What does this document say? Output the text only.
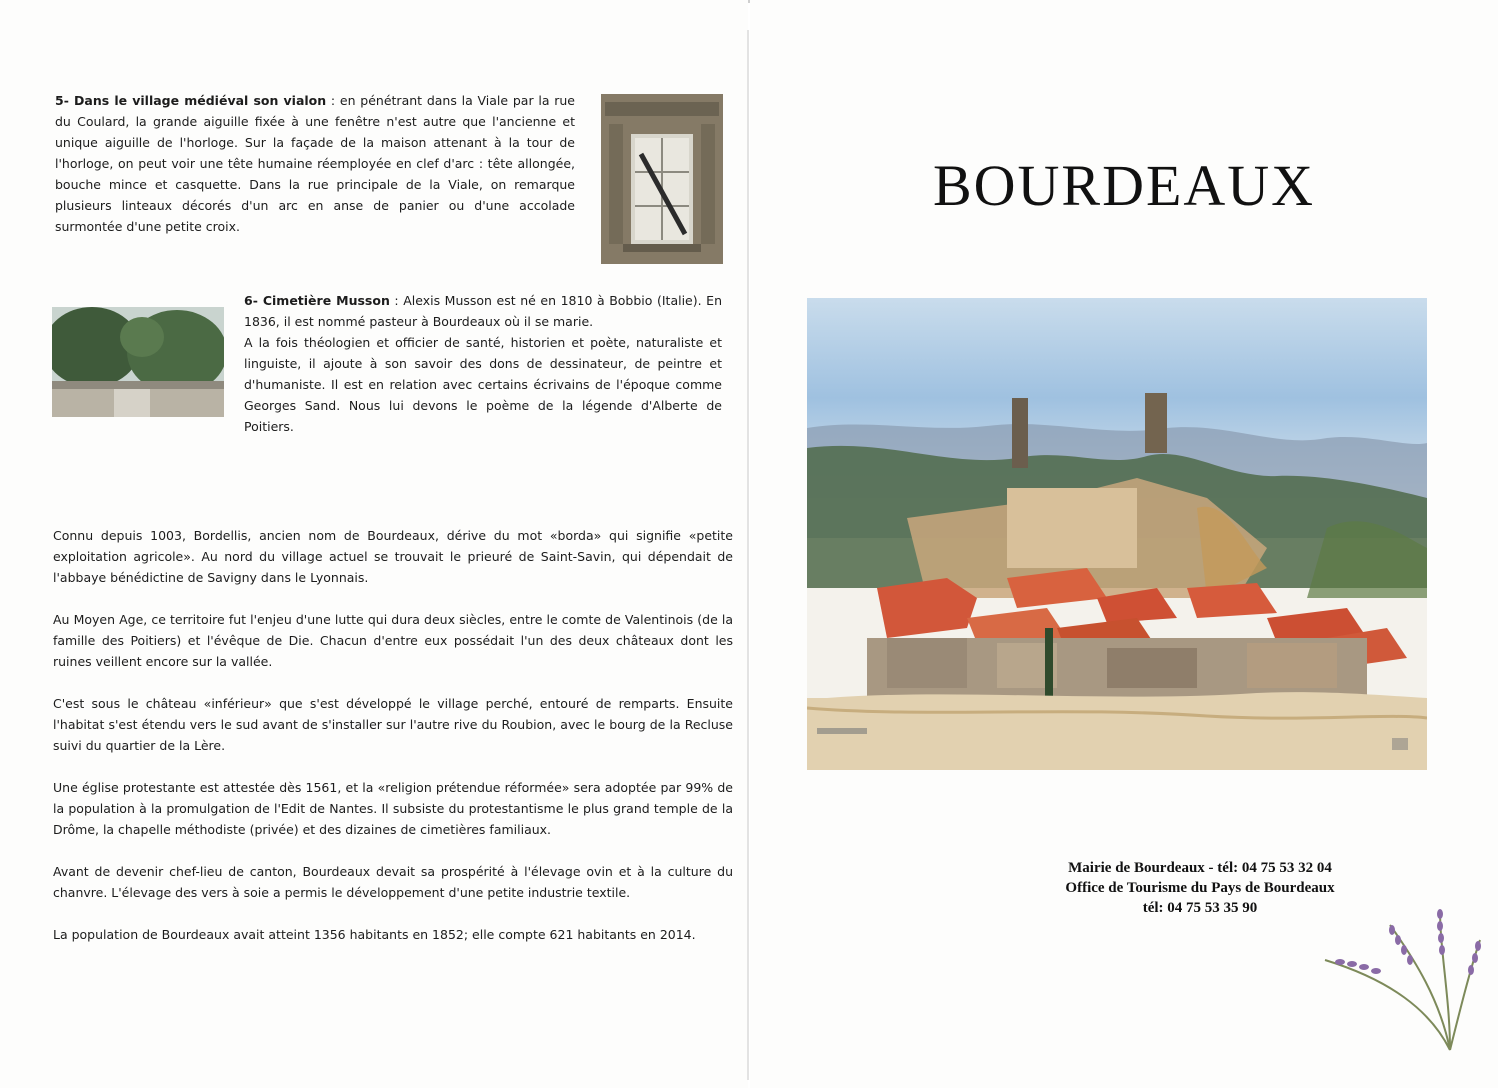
5- Dans le village médiéval son vialon : en pénétrant dans la Viale par la rue du Coulard, la grande aiguille fixée à une fenêtre n'est autre que l'ancienne et unique aiguille de l'horloge. Sur la façade de la maison attenant à la tour de l'horloge, on peut voir une tête humaine réemployée en clef d'arc : tête allongée, bouche mince et casquette. Dans la rue principale de la Viale, on remarque plusieurs linteaux décorés d'un arc en anse de panier ou d'une accolade surmontée d'une petite croix.

6- Cimetière Musson : Alexis Musson est né en 1810 à Bobbio (Italie). En 1836, il est nommé pasteur à Bourdeaux où il se marie.
A la fois théologien et officier de santé, historien et poète, naturaliste et linguiste, il ajoute à son savoir des dons de dessinateur, de peintre et d'humaniste. Il est en relation avec certains écrivains de l'époque comme Georges Sand. Nous lui devons le poème de la légende d'Alberte de Poitiers.

Connu depuis 1003, Bordellis, ancien nom de Bourdeaux, dérive du mot «borda» qui signifie «petite exploitation agricole». Au nord du village actuel se trouvait le prieuré de Saint-Savin, qui dépendait de l'abbaye bénédictine de Savigny dans le Lyonnais.

Au Moyen Age, ce territoire fut l'enjeu d'une lutte qui dura deux siècles, entre le comte de Valentinois (de la famille des Poitiers) et l'évêque de Die. Chacun d'entre eux possédait l'un des deux châteaux dont les ruines veillent encore sur la vallée.

C'est sous le château «inférieur» que s'est développé le village perché, entouré de remparts. Ensuite l'habitat s'est étendu vers le sud avant de s'installer sur l'autre rive du Roubion, avec le bourg de la Recluse suivi du quartier de la Lère.

Une église protestante est attestée dès 1561, et la «religion prétendue réformée» sera adoptée par 99% de la population à la promulgation de l'Edit de Nantes. Il subsiste du protestantisme le plus grand temple de la Drôme, la chapelle méthodiste (privée) et des dizaines de cimetières familiaux.

Avant de devenir chef-lieu de canton, Bourdeaux devait sa prospérité à l'élevage ovin et à la culture du chanvre. L'élevage des vers à soie a permis le développement d'une petite industrie textile.

La population de Bourdeaux avait atteint 1356 habitants en 1852; elle compte 621 habitants en 2014.

BOURDEAUX
Mairie de Bourdeaux - tél: 04 75 53 32 04
Office de Tourisme du Pays de Bourdeaux
tél: 04 75 53 35 90
